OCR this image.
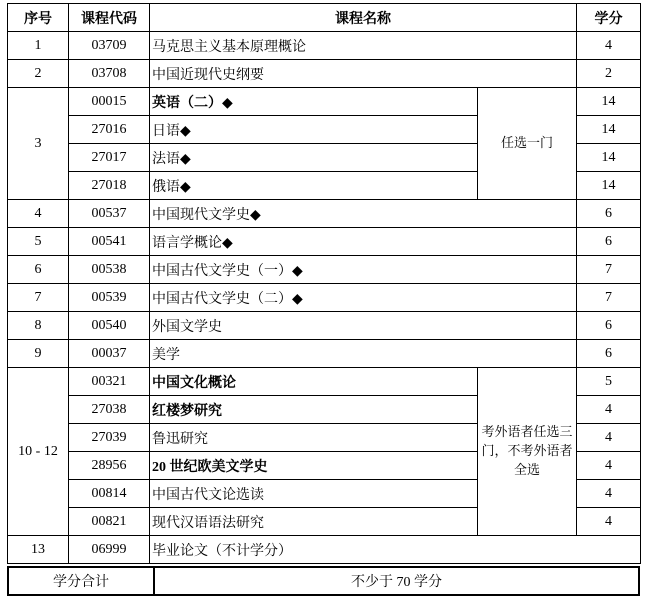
序号	课程代码	课程名称		学分
1	03709	马克思主义基本原理概论		4
2	03708	中国近现代史纲要		2
3	00015	英语（二）◆	任选一门	14
	27016	日语◆		14
	27017	法语◆		14
	27018	俄语◆		14
4	00537	中国现代文学史◆		6
5	00541	语言学概论◆		6
6	00538	中国古代文学史（一）◆		7
7	00539	中国古代文学史（二）◆		7
8	00540	外国文学史		6
9	00037	美学		6
10 - 12	00321	中国文化概论	考外语者任选三门，不考外语者全选	5
	27038	红楼梦研究		4
	27039	鲁迅研究		4
	28956	20 世纪欧美文学史		4
	00814	中国古代文论选读		4
	00821	现代汉语语法研究		4
13	06999	毕业论文（不计学分）		
学分合计	不少于 70 学分
